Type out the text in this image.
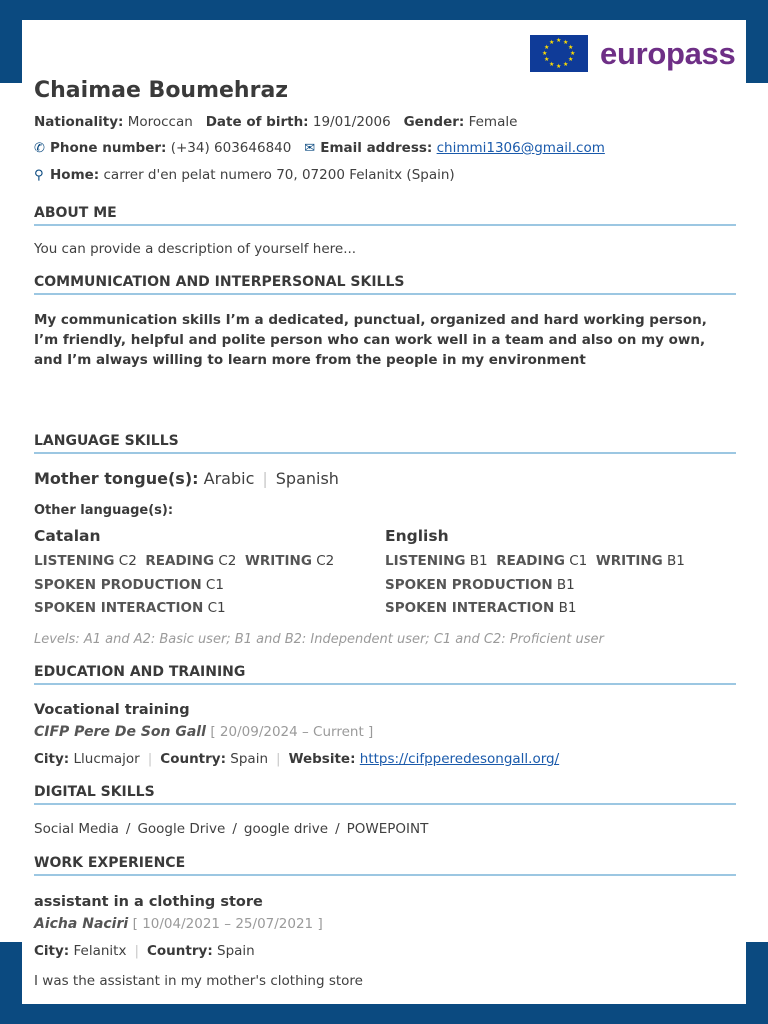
★ ★
★
★
★
★
★
★
★
★
★
★ europass
Chaimae Boumehraz
Nationality: Moroccan Date of birth: 19/01/2006 Gender: Female
✆ Phone number: (+34) 603646840 ✉ Email address: chimmi1306@gmail.com
⚲ Home: carrer d'en pelat numero 70, 07200 Felanitx (Spain)
ABOUT ME
You can provide a description of yourself here...
COMMUNICATION AND INTERPERSONAL SKILLS
My communication skills I’m a dedicated, punctual, organized and hard working person, I’m friendly, helpful and polite person who can work well in a team and also on my own, and I’m always willing to learn more from the people in my environment
LANGUAGE SKILLS
Mother tongue(s): Arabic | Spanish
Other language(s):
Catalan
LISTENING C2 READING C2 WRITING C2
SPOKEN PRODUCTION C1
SPOKEN INTERACTION C1
English
LISTENING B1 READING C1 WRITING B1
SPOKEN PRODUCTION B1
SPOKEN INTERACTION B1
Levels: A1 and A2: Basic user; B1 and B2: Independent user; C1 and C2: Proficient user
EDUCATION AND TRAINING
Vocational training
CIFP Pere De Son Gall [ 20/09/2024 – Current ]
City: Llucmajor | Country: Spain | Website: https://cifpperedesongall.org/
DIGITAL SKILLS
Social Media / Google Drive / google drive / POWEPOINT
WORK EXPERIENCE
assistant in a clothing store
Aicha Naciri [ 10/04/2021 – 25/07/2021 ]
City: Felanitx | Country: Spain
I was the assistant in my mother's clothing store
